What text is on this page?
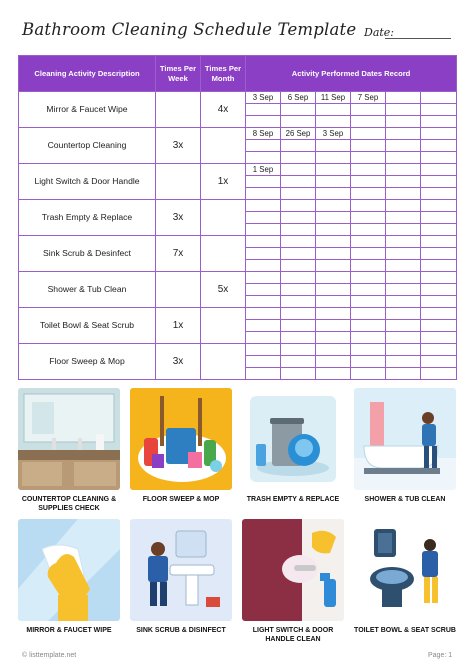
Bathroom Cleaning Schedule Template Date:
Cleaning Activity Description	Times Per Week	Times Per Month	Activity Performed Dates Record					
Mirror & Faucet Wipe		4x	3 Sep	6 Sep	11 Sep	7 Sep		

Countertop Cleaning	3x		8 Sep	26 Sep	3 Sep			

Light Switch & Door Handle		1x	1 Sep					

Trash Empty & Replace	3x							

Sink Scrub & Desinfect	7x							

Shower & Tub Clean		5x						

Toilet Bowl & Seat Scrub	1x							

Floor Sweep & Mop	3x							

COUNTERTOP CLEANING & SUPPLIES CHECK
FLOOR SWEEP & MOP	TRASH EMPTY & REPLACE	SHOWER & TUB CLEAN
MIRROR & FAUCET WIPE	SINK SCRUB & DISINFECT	LIGHT SWITCH & DOOR HANDLE CLEAN
TOILET BOWL & SEAT SCRUB
© listtemplate.net	Page: 1
